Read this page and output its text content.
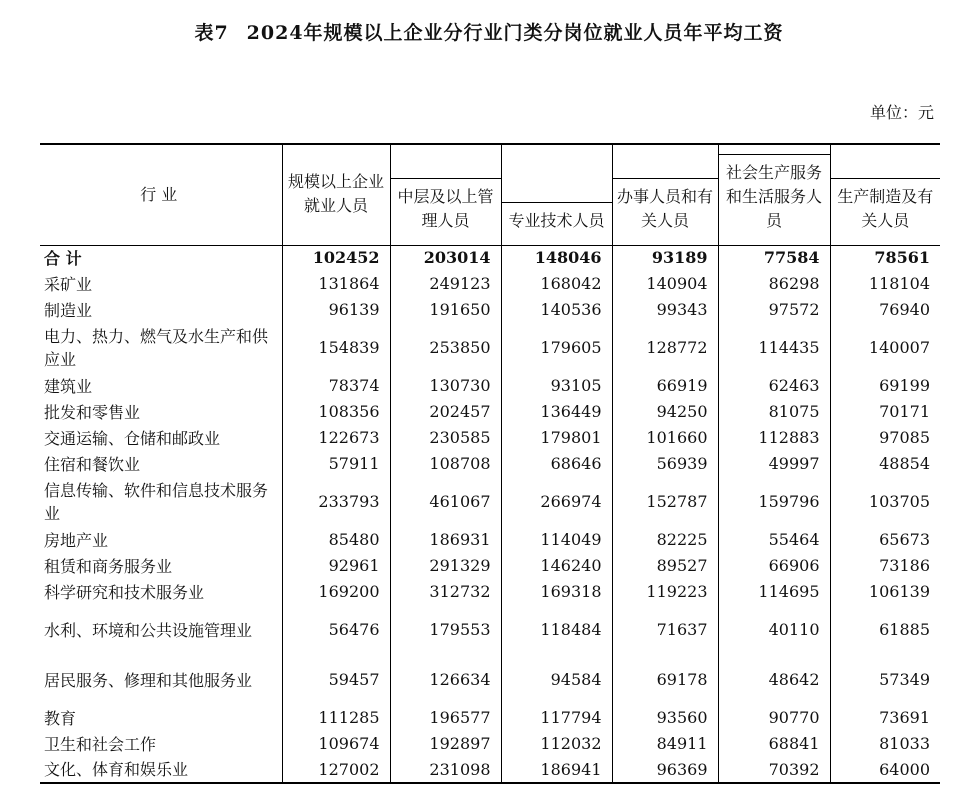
表7 2024年规模以上企业分行业门类分岗位就业人员年平均工资
单位：元
行 业	规模以上企业就业人员	中层及以上管理人员	专业技术人员	办事人员和有关人员	社会生产服务和生活服务人员	生产制造及有关人员

合 计	102452	203014	148046	93189	77584	78561
采矿业	131864	249123	168042	140904	86298	118104
制造业	96139	191650	140536	99343	97572	76940
电力、热力、燃气及水生产和供应业	154839	253850	179605	128772	114435	140007
建筑业	78374	130730	93105	66919	62463	69199
批发和零售业	108356	202457	136449	94250	81075	70171
交通运输、仓储和邮政业	122673	230585	179801	101660	112883	97085
住宿和餐饮业	57911	108708	68646	56939	49997	48854
信息传输、软件和信息技术服务业	233793	461067	266974	152787	159796	103705
房地产业	85480	186931	114049	82225	55464	65673
租赁和商务服务业	92961	291329	146240	89527	66906	73186
科学研究和技术服务业	169200	312732	169318	119223	114695	106139
水利、环境和公共设施管理业	56476	179553	118484	71637	40110	61885
居民服务、修理和其他服务业	59457	126634	94584	69178	48642	57349
教育	111285	196577	117794	93560	90770	73691
卫生和社会工作	109674	192897	112032	84911	68841	81033
文化、体育和娱乐业	127002	231098	186941	96369	70392	64000
